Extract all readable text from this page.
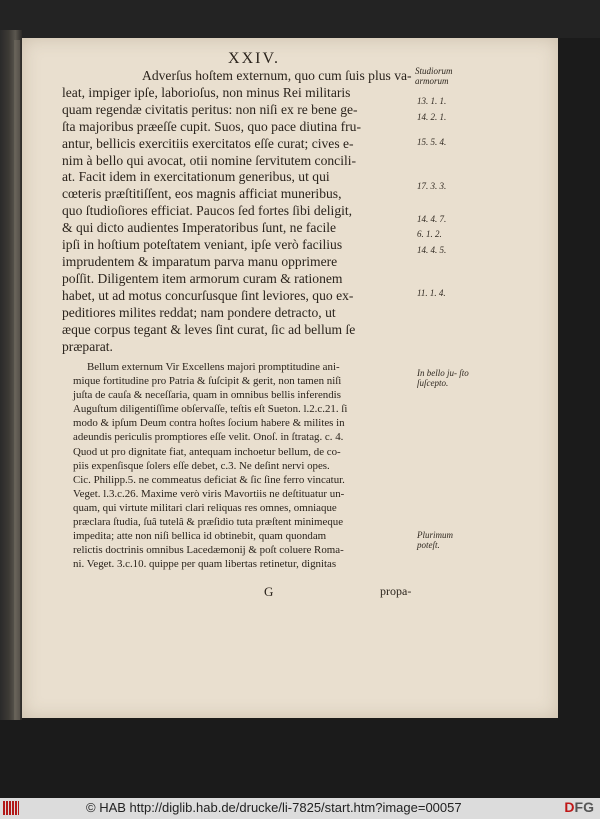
XXIV.
Adverſus hoſtem externum, quo cum ſuis plus va-
leat, impiger ipſe, laborioſus, non minus Rei militaris
quam regendæ civitatis peritus: non niſi ex re bene ge-
ſta majoribus præeſſe cupit. Suos, quo pace diutina fru-
antur, bellicis exercitiis exercitatos eſſe curat; cives e-
nim à bello qui avocat, otii nomine ſervitutem concili-
at. Facit idem in exercitationum generibus, ut qui
cœteris præſtitiſſent, eos magnis afficiat muneribus,
quo ſtudioſiores efficiat. Paucos ſed fortes ſibi deligit,
& qui dicto audientes Imperatoribus ſunt, ne facile
ipſi in hoſtium poteſtatem veniant, ipſe verò facilius
imprudentem & imparatum parva manu opprimere
poſſit. Diligentem item armorum curam & rationem
habet, ut ad motus concurſusque ſint leviores, quo ex-
peditiores milites reddat; nam pondere detracto, ut
æque corpus tegant & leves ſint curat, ſic ad bellum ſe
præparat.
Bellum externum Vir Excellens majori promptitudine ani-
mique fortitudine pro Patria & ſuſcipit & gerit, non tamen niſi
juſta de cauſa & neceſſaria, quam in omnibus bellis inferendis
Auguſtum diligentiſſime obſervaſſe, teſtis eſt Sueton. l.2.c.21. ſi
modo & ipſum Deum contra hoſtes ſocium habere & milites in
adeundis periculis promptiores eſſe velit. Onoſ. in ſtratag. c. 4.
Quod ut pro dignitate fiat, antequam inchoetur bellum, de co-
piis expenſisque ſolers eſſe debet, c.3. Ne deſint nervi opes.
Cic. Philipp.5. ne commeatus deficiat & ſic ſine ferro vincatur.
Veget. l.3.c.26. Maxime verò viris Mavortiis ne deſtituatur un-
quam, qui virtute militari clari reliquas res omnes, omniaque
præclara ſtudia, ſuâ tutelâ & præſidio tuta præſtent minimeque
impedita; atte non niſi bellica id obtinebit, quam quondam
relictis doctrinis omnibus Lacedæmonij & poſt coluere Roma-
ni. Veget. 3.c.10. quippe per quam libertas retinetur, dignitas
G	propa-
Studiorum armorum
13. 1. 1.
14. 2. 1.
15. 5. 4.
17. 3. 3.
14. 4. 7.
6. 1. 2.
14. 4. 5.
11. 1. 4.
In bello ju- ſto ſuſcepto.
Plurimum poteſt.
© HAB http://diglib.hab.de/drucke/li-7825/start.htm?image=00057	DFG
